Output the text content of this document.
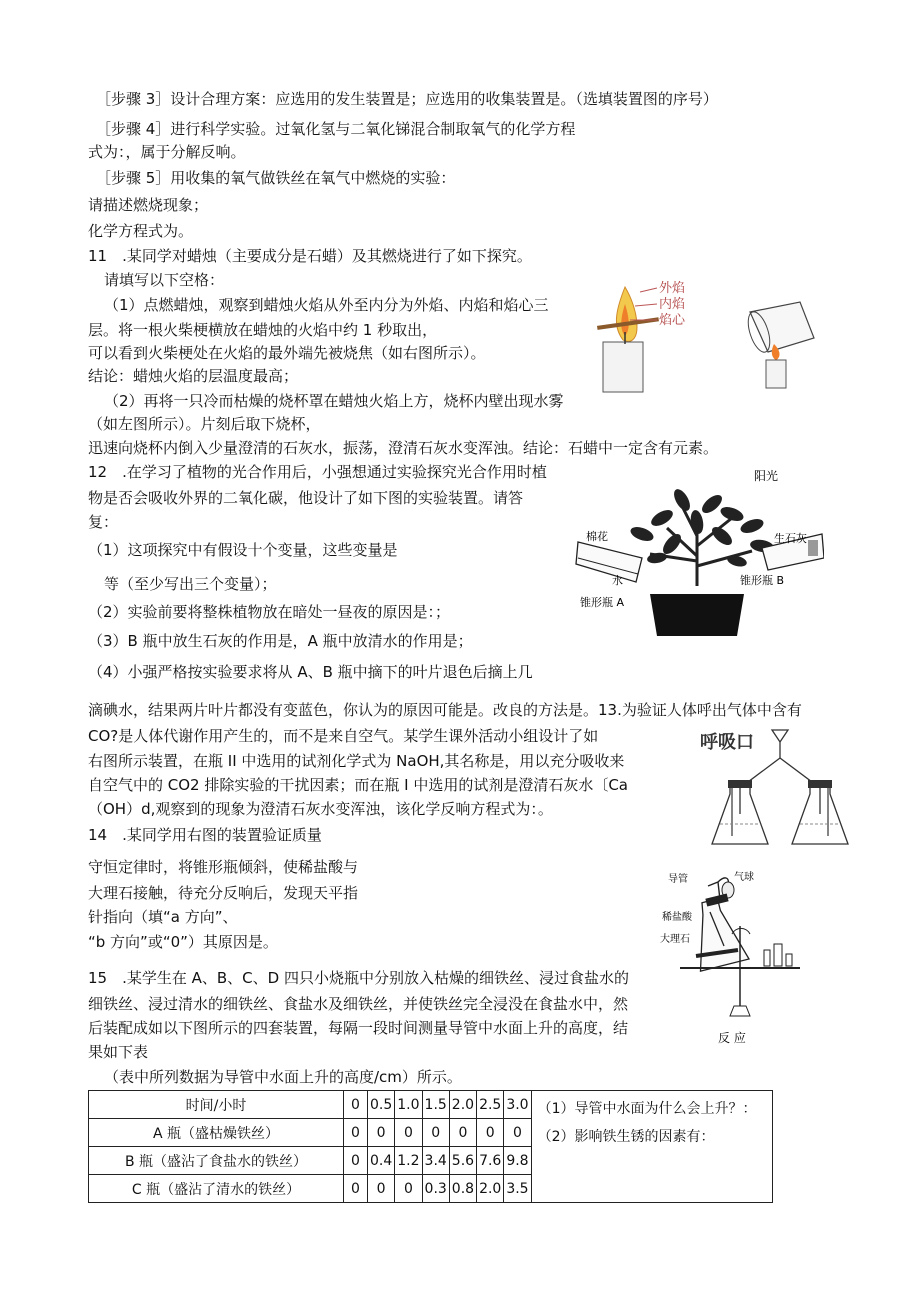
［步骤 3］设计合理方案：应选用的发生装置是；应选用的收集装置是。（选填装置图的序号）
［步骤 4］进行科学实验。过氧化氢与二氧化锑混合制取氧气的化学方程
式为：，属于分解反响。
［步骤 5］用收集的氧气做铁丝在氧气中燃烧的实验：
请描述燃烧现象；
化学方程式为。
11　.某同学对蜡烛（主要成分是石蜡）及其燃烧进行了如下探究。
请填写以下空格：
（1）点燃蜡烛，观察到蜡烛火焰从外至内分为外焰、内焰和焰心三
层。将一根火柴梗横放在蜡烛的火焰中约 1 秒取出，
可以看到火柴梗处在火焰的最外端先被烧焦（如右图所示）。
结论：蜡烛火焰的层温度最高；
（2）再将一只冷而枯燥的烧杯罩在蜡烛火焰上方，烧杯内壁出现水雾
（如左图所示）。片刻后取下烧杯，
迅速向烧杯内倒入少量澄清的石灰水，振荡，澄清石灰水变浑浊。结论：石蜡中一定含有元素。
12　.在学习了植物的光合作用后，小强想通过实验探究光合作用时植
物是否会吸收外界的二氧化碳，他设计了如下图的实验装置。请答
复：
（1）这项探究中有假设十个变量，这些变量是
等（至少写出三个变量）；
（2）实验前要将整株植物放在暗处一昼夜的原因是：；
（3）B 瓶中放生石灰的作用是，A 瓶中放清水的作用是；
（4）小强严格按实验要求将从 A、B 瓶中摘下的叶片退色后摘上几
滴碘水，结果两片叶片都没有变蓝色，你认为的原因可能是。改良的方法是。13.为验证人体呼出气体中含有
CO?是人体代谢作用产生的，而不是来自空气。某学生课外活动小组设计了如
右图所示装置，在瓶 II 中选用的试剂化学式为 NaOH,其名称是，用以充分吸收来
自空气中的 CO2 排除实验的干扰因素；而在瓶 I 中选用的试剂是澄清石灰水〔Ca
（OH）d,观察到的现象为澄清石灰水变浑浊，该化学反响方程式为：。
14　.某同学用右图的装置验证质量
守恒定律时，将锥形瓶倾斜，使稀盐酸与
大理石接触，待充分反响后，发现天平指
针指向（填“a 方向”、
“b 方向”或“0”）其原因是。
15　.某学生在 A、B、C、D 四只小烧瓶中分别放入枯燥的细铁丝、浸过食盐水的
细铁丝、浸过清水的细铁丝、食盐水及细铁丝，并使铁丝完全浸没在食盐水中，然
后装配成如以下图所示的四套装置，每隔一段时间测量导管中水面上升的高度，结
果如下表
（表中所列数据为导管中水面上升的高度/cm）所示。
外焰
内焰
焰心
阳光
棉花
水
锥形瓶 A
生石灰
锥形瓶 B
呼吸口
导管	气球
稀盐酸
大理石
反 应
时间/小时	0	0.5	1.0	1.5	2.0	2.5	3.0	（1）导管中水面为什么会上升？：
（2）影响铁生锈的因素有：

A 瓶（盛枯燥铁丝）	0	0	0	0	0	0	0	
B 瓶（盛沾了食盐水的铁丝）	0	0.4	1.2	3.4	5.6	7.6	9.8	
C 瓶（盛沾了清水的铁丝）	0	0	0	0.3	0.8	2.0	3.5	
